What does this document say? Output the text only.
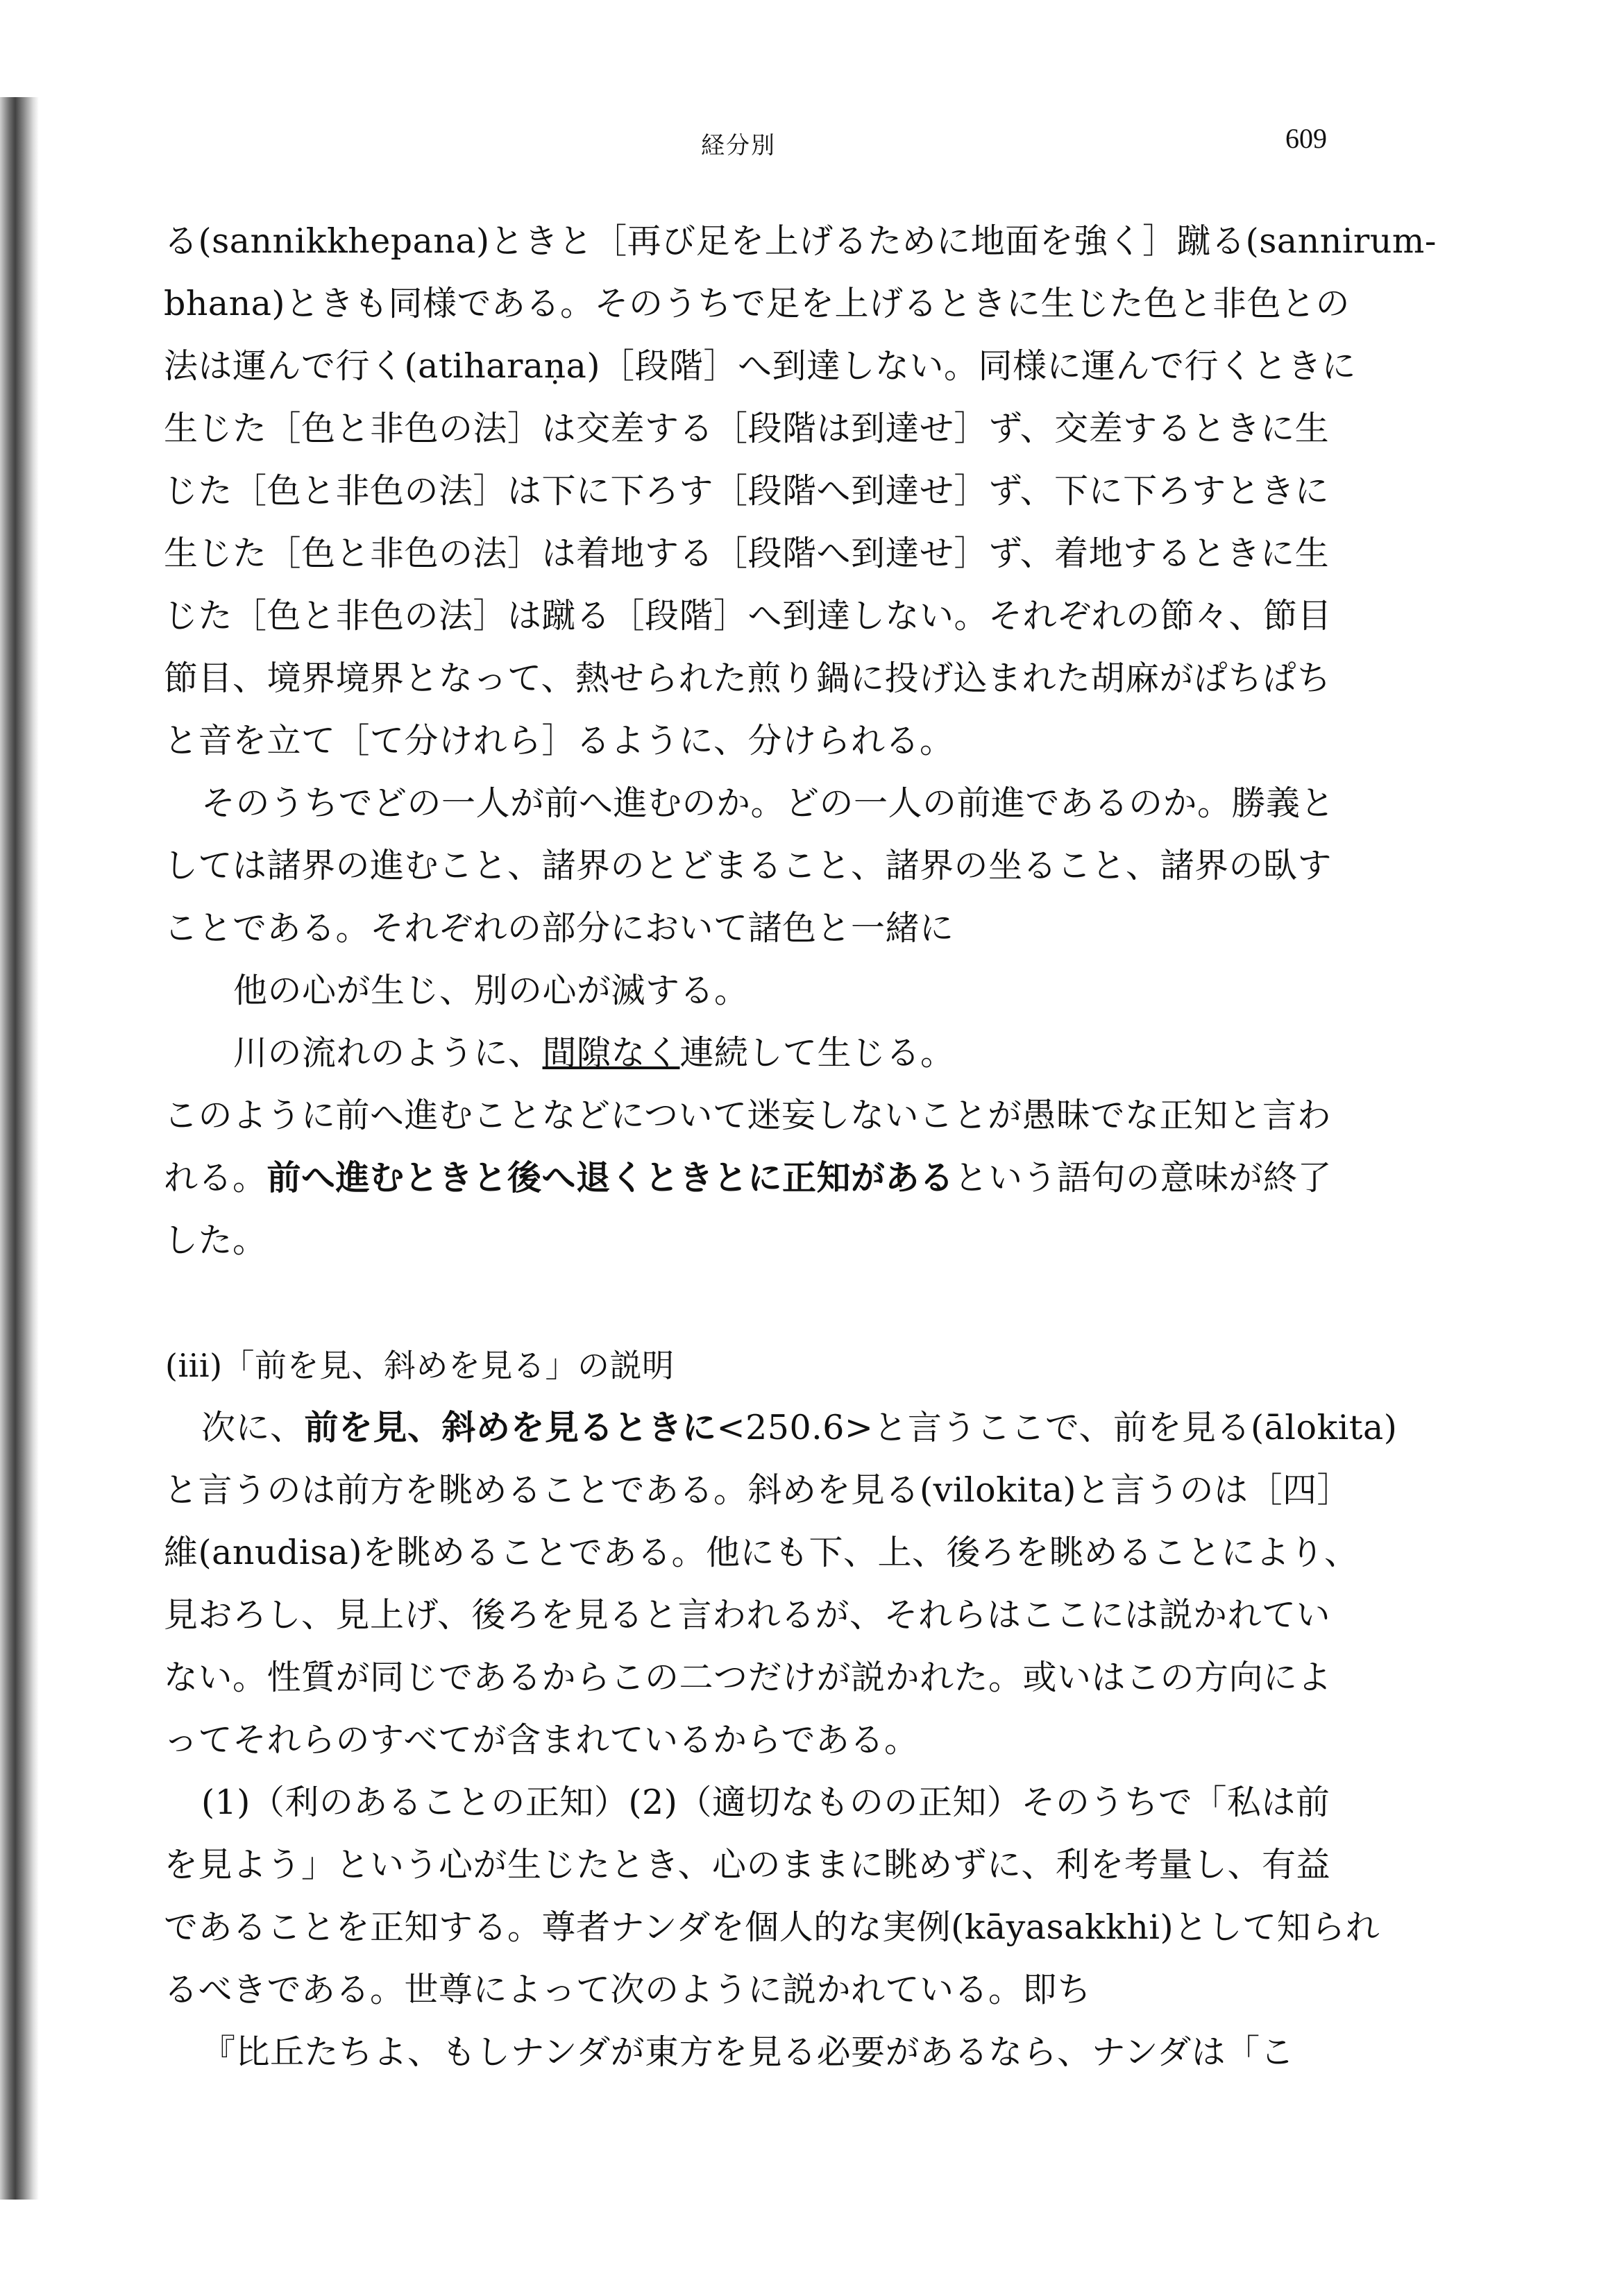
経分別	609
る(sannikkhepana)ときと［再び足を上げるために地面を強く］蹴る(sannirum-
bhana)ときも同様である。そのうちで足を上げるときに生じた色と非色との
法は運んで行く(atiharaṇa)［段階］へ到達しない。同様に運んで行くときに
生じた［色と非色の法］は交差する［段階は到達せ］ず、交差するときに生
じた［色と非色の法］は下に下ろす［段階へ到達せ］ず、下に下ろすときに
生じた［色と非色の法］は着地する［段階へ到達せ］ず、着地するときに生
じた［色と非色の法］は蹴る［段階］へ到達しない。それぞれの節々、節目
節目、境界境界となって、熱せられた煎り鍋に投げ込まれた胡麻がぱちぱち
と音を立て［て分けれら］るように、分けられる。
そのうちでどの一人が前へ進むのか。どの一人の前進であるのか。勝義と
しては諸界の進むこと、諸界のとどまること、諸界の坐ること、諸界の臥す
ことである。それぞれの部分において諸色と一緒に
他の心が生じ、別の心が滅する。
川の流れのように、間隙なく連続して生じる。
このように前へ進むことなどについて迷妄しないことが愚昧でな正知と言わ
れる。前へ進むときと後へ退くときとに正知があるという語句の意味が終了
した。
(iii)「前を見、斜めを見る」の説明
次に、前を見、斜めを見るときに<250.6>と言うここで、前を見る(ālokita)
と言うのは前方を眺めることである。斜めを見る(vilokita)と言うのは［四］
維(anudisa)を眺めることである。他にも下、上、後ろを眺めることにより、
見おろし、見上げ、後ろを見ると言われるが、それらはここには説かれてい
ない。性質が同じであるからこの二つだけが説かれた。或いはこの方向によ
ってそれらのすべてが含まれているからである。
(1)（利のあることの正知）(2)（適切なものの正知）そのうちで「私は前
を見よう」という心が生じたとき、心のままに眺めずに、利を考量し、有益
であることを正知する。尊者ナンダを個人的な実例(kāyasakkhi)として知られ
るべきである。世尊によって次のように説かれている。即ち
『比丘たちよ、もしナンダが東方を見る必要があるなら、ナンダは「こ
